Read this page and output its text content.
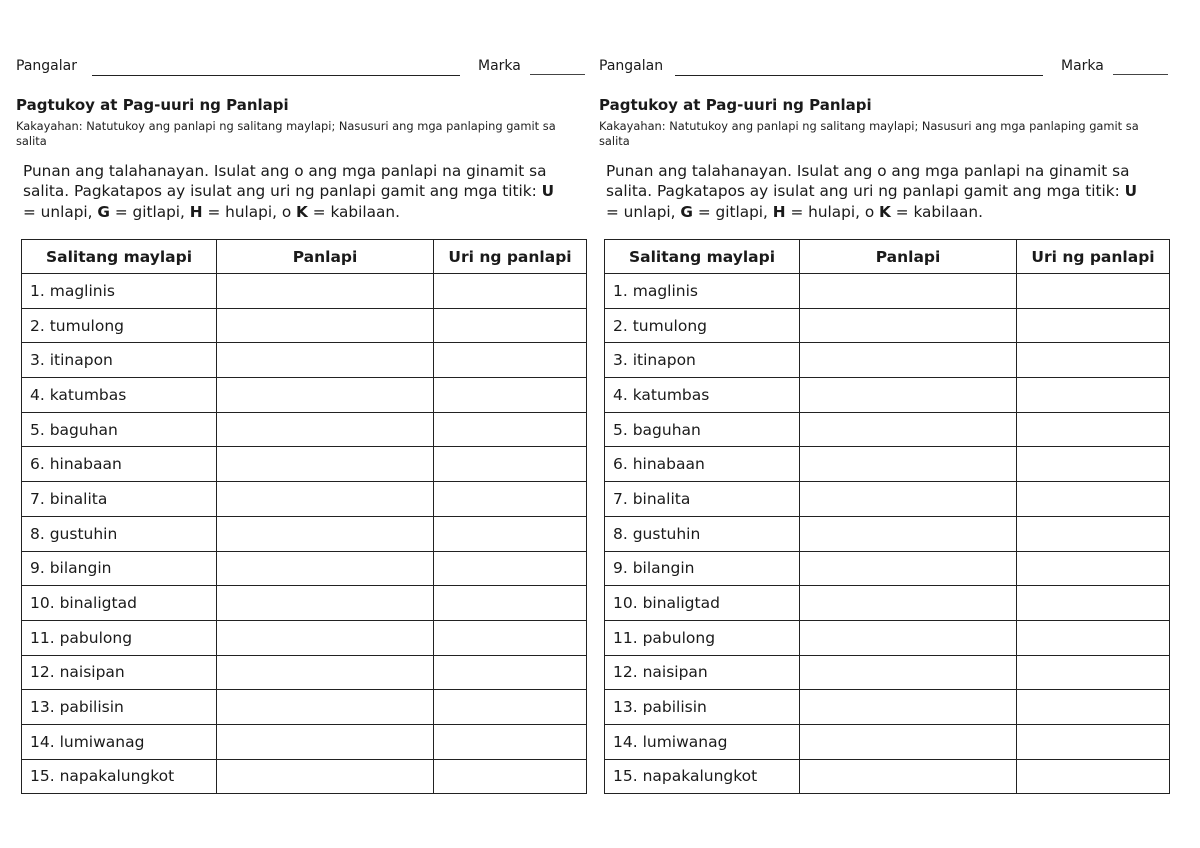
Pangalar	Marka
Pagtukoy at Pag-uuri ng Panlapi
Kakayahan: Natutukoy ang panlapi ng salitang maylapi; Nasusuri ang mga panlaping gamit sa salita
Punan ang talahanayan. Isulat ang o ang mga panlapi na ginamit sa salita. Pagkatapos ay isulat ang uri ng panlapi gamit ang mga titik: U = unlapi, G = gitlapi, H = hulapi, o K = kabilaan.
Salitang maylapi	Panlapi	Uri ng panlapi
1. maglinis		
2. tumulong		
3. itinapon		
4. katumbas		
5. baguhan		
6. hinabaan		
7. binalita		
8. gustuhin		
9. bilangin		
10. binaligtad		
11. pabulong		
12. naisipan		
13. pabilisin		
14. lumiwanag		
15. napakalungkot		
Pangalan	Marka
Pagtukoy at Pag-uuri ng Panlapi
Kakayahan: Natutukoy ang panlapi ng salitang maylapi; Nasusuri ang mga panlaping gamit sa salita
Punan ang talahanayan. Isulat ang o ang mga panlapi na ginamit sa salita. Pagkatapos ay isulat ang uri ng panlapi gamit ang mga titik: U = unlapi, G = gitlapi, H = hulapi, o K = kabilaan.
Salitang maylapi	Panlapi	Uri ng panlapi
1. maglinis		
2. tumulong		
3. itinapon		
4. katumbas		
5. baguhan		
6. hinabaan		
7. binalita		
8. gustuhin		
9. bilangin		
10. binaligtad		
11. pabulong		
12. naisipan		
13. pabilisin		
14. lumiwanag		
15. napakalungkot		
